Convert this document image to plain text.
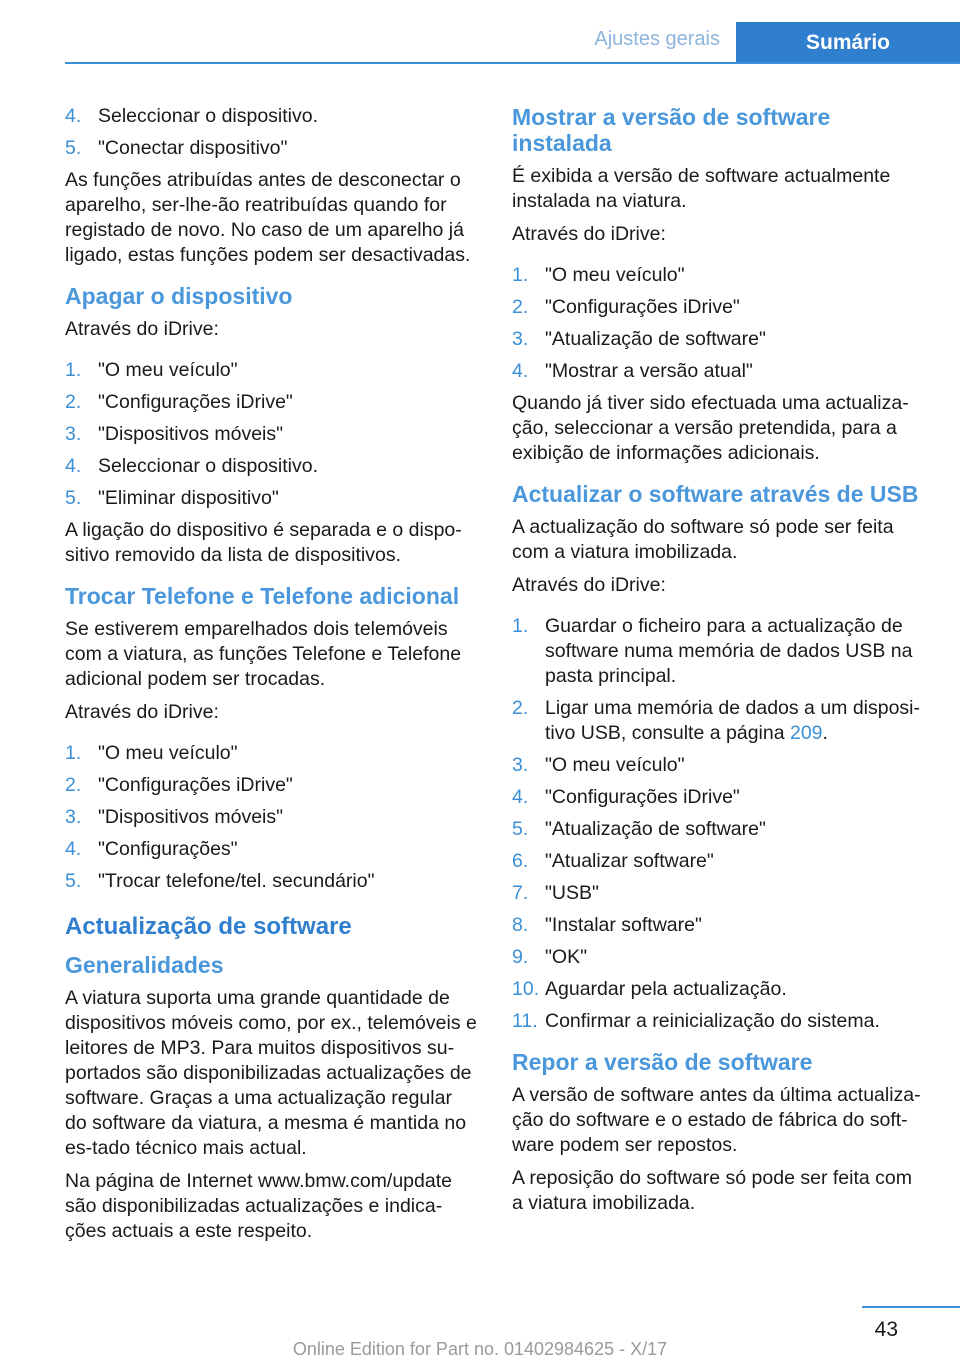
Ajustes gerais	Sumário
4. Seleccionar o dispositivo.
5. "Conectar dispositivo"

As funções atribuídas antes de desconectar o aparelho, ser-lhe-ão reatribuídas quando for registado de novo. No caso de um aparelho já ligado, estas funções podem ser desactivadas.

Apagar o dispositivo

Através do iDrive:

1. "O meu veículo"
2. "Configurações iDrive"
3. "Dispositivos móveis"
4. Seleccionar o dispositivo.
5. "Eliminar dispositivo"

A ligação do dispositivo é separada e o dispo-sitivo removido da lista de dispositivos.

Trocar Telefone e Telefone adicional

Se estiverem emparelhados dois telemóveis com a viatura, as funções Telefone e Telefone adicional podem ser trocadas.

Através do iDrive:

1. "O meu veículo"
2. "Configurações iDrive"
3. "Dispositivos móveis"
4. "Configurações"
5. "Trocar telefone/tel. secundário"
Actualização de software
Generalidades

A viatura suporta uma grande quantidade de dispositivos móveis como, por ex., telemóveis e leitores de MP3. Para muitos dispositivos su-portados são disponibilizadas actualizações de software. Graças a uma actualização regular do software da viatura, a mesma é mantida no es-tado técnico mais actual.

Na página de Internet www.bmw.com/update são disponibilizadas actualizações e indica-ções actuais a este respeito.

Mostrar a versão de software instalada

É exibida a versão de software actualmente instalada na viatura.

Através do iDrive:

1. "O meu veículo"
2. "Configurações iDrive"
3. "Atualização de software"
4. "Mostrar a versão atual"

Quando já tiver sido efectuada uma actualiza-ção, seleccionar a versão pretendida, para a exibição de informações adicionais.

Actualizar o software através de USB

A actualização do software só pode ser feita com a viatura imobilizada.

Através do iDrive:

1. Guardar o ficheiro para a actualização de software numa memória de dados USB na pasta principal.
2. Ligar uma memória de dados a um disposi-tivo USB, consulte a página 209.
3. "O meu veículo"
4. "Configurações iDrive"
5. "Atualização de software"
6. "Atualizar software"
7. "USB"
8. "Instalar software"
9. "OK"
10. Aguardar pela actualização.
11. Confirmar a reinicialização do sistema.
Repor a versão de software

A versão de software antes da última actualiza-ção do software e o estado de fábrica do soft-ware podem ser repostos.

A reposição do software só pode ser feita com a viatura imobilizada.

43
Online Edition for Part no. 01402984625 - X/17
